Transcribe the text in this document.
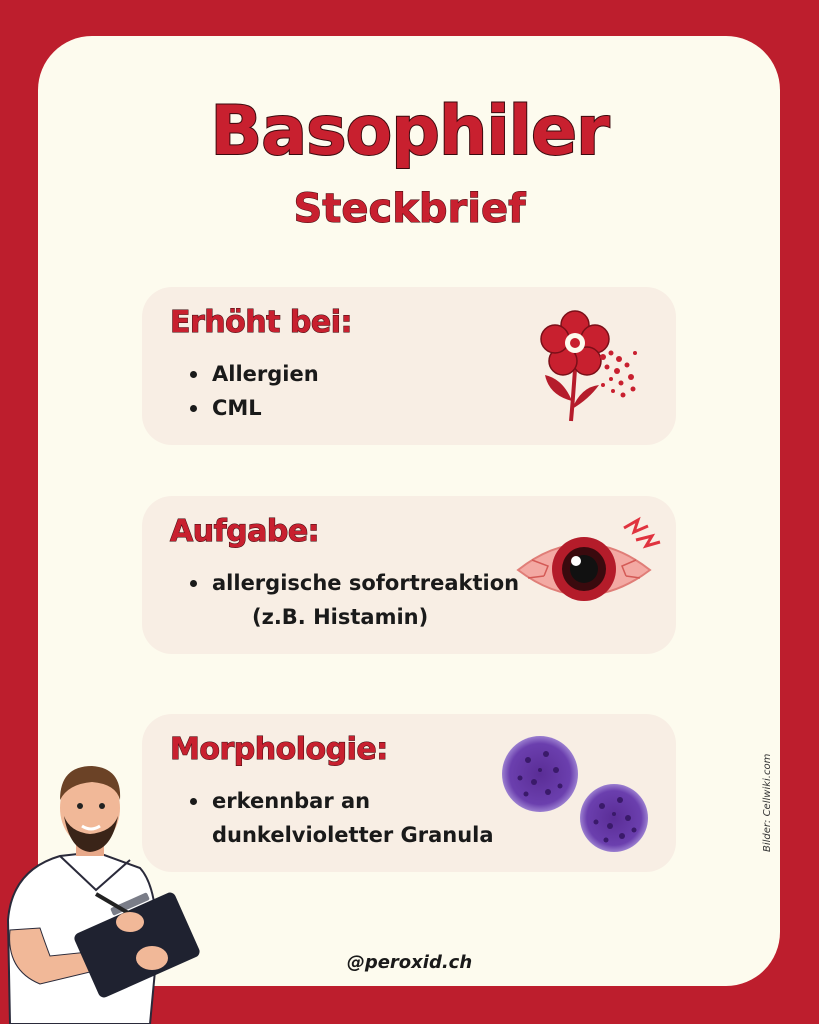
Basophiler
Steckbrief
Erhöht bei:
Allergien
CML
Aufgabe:
allergische sofortreaktion
(z.B. Histamin)
Morphologie:
erkennbar an
dunkelvioletter Granula	Bilder: Cellwiki.com
@peroxid.ch
